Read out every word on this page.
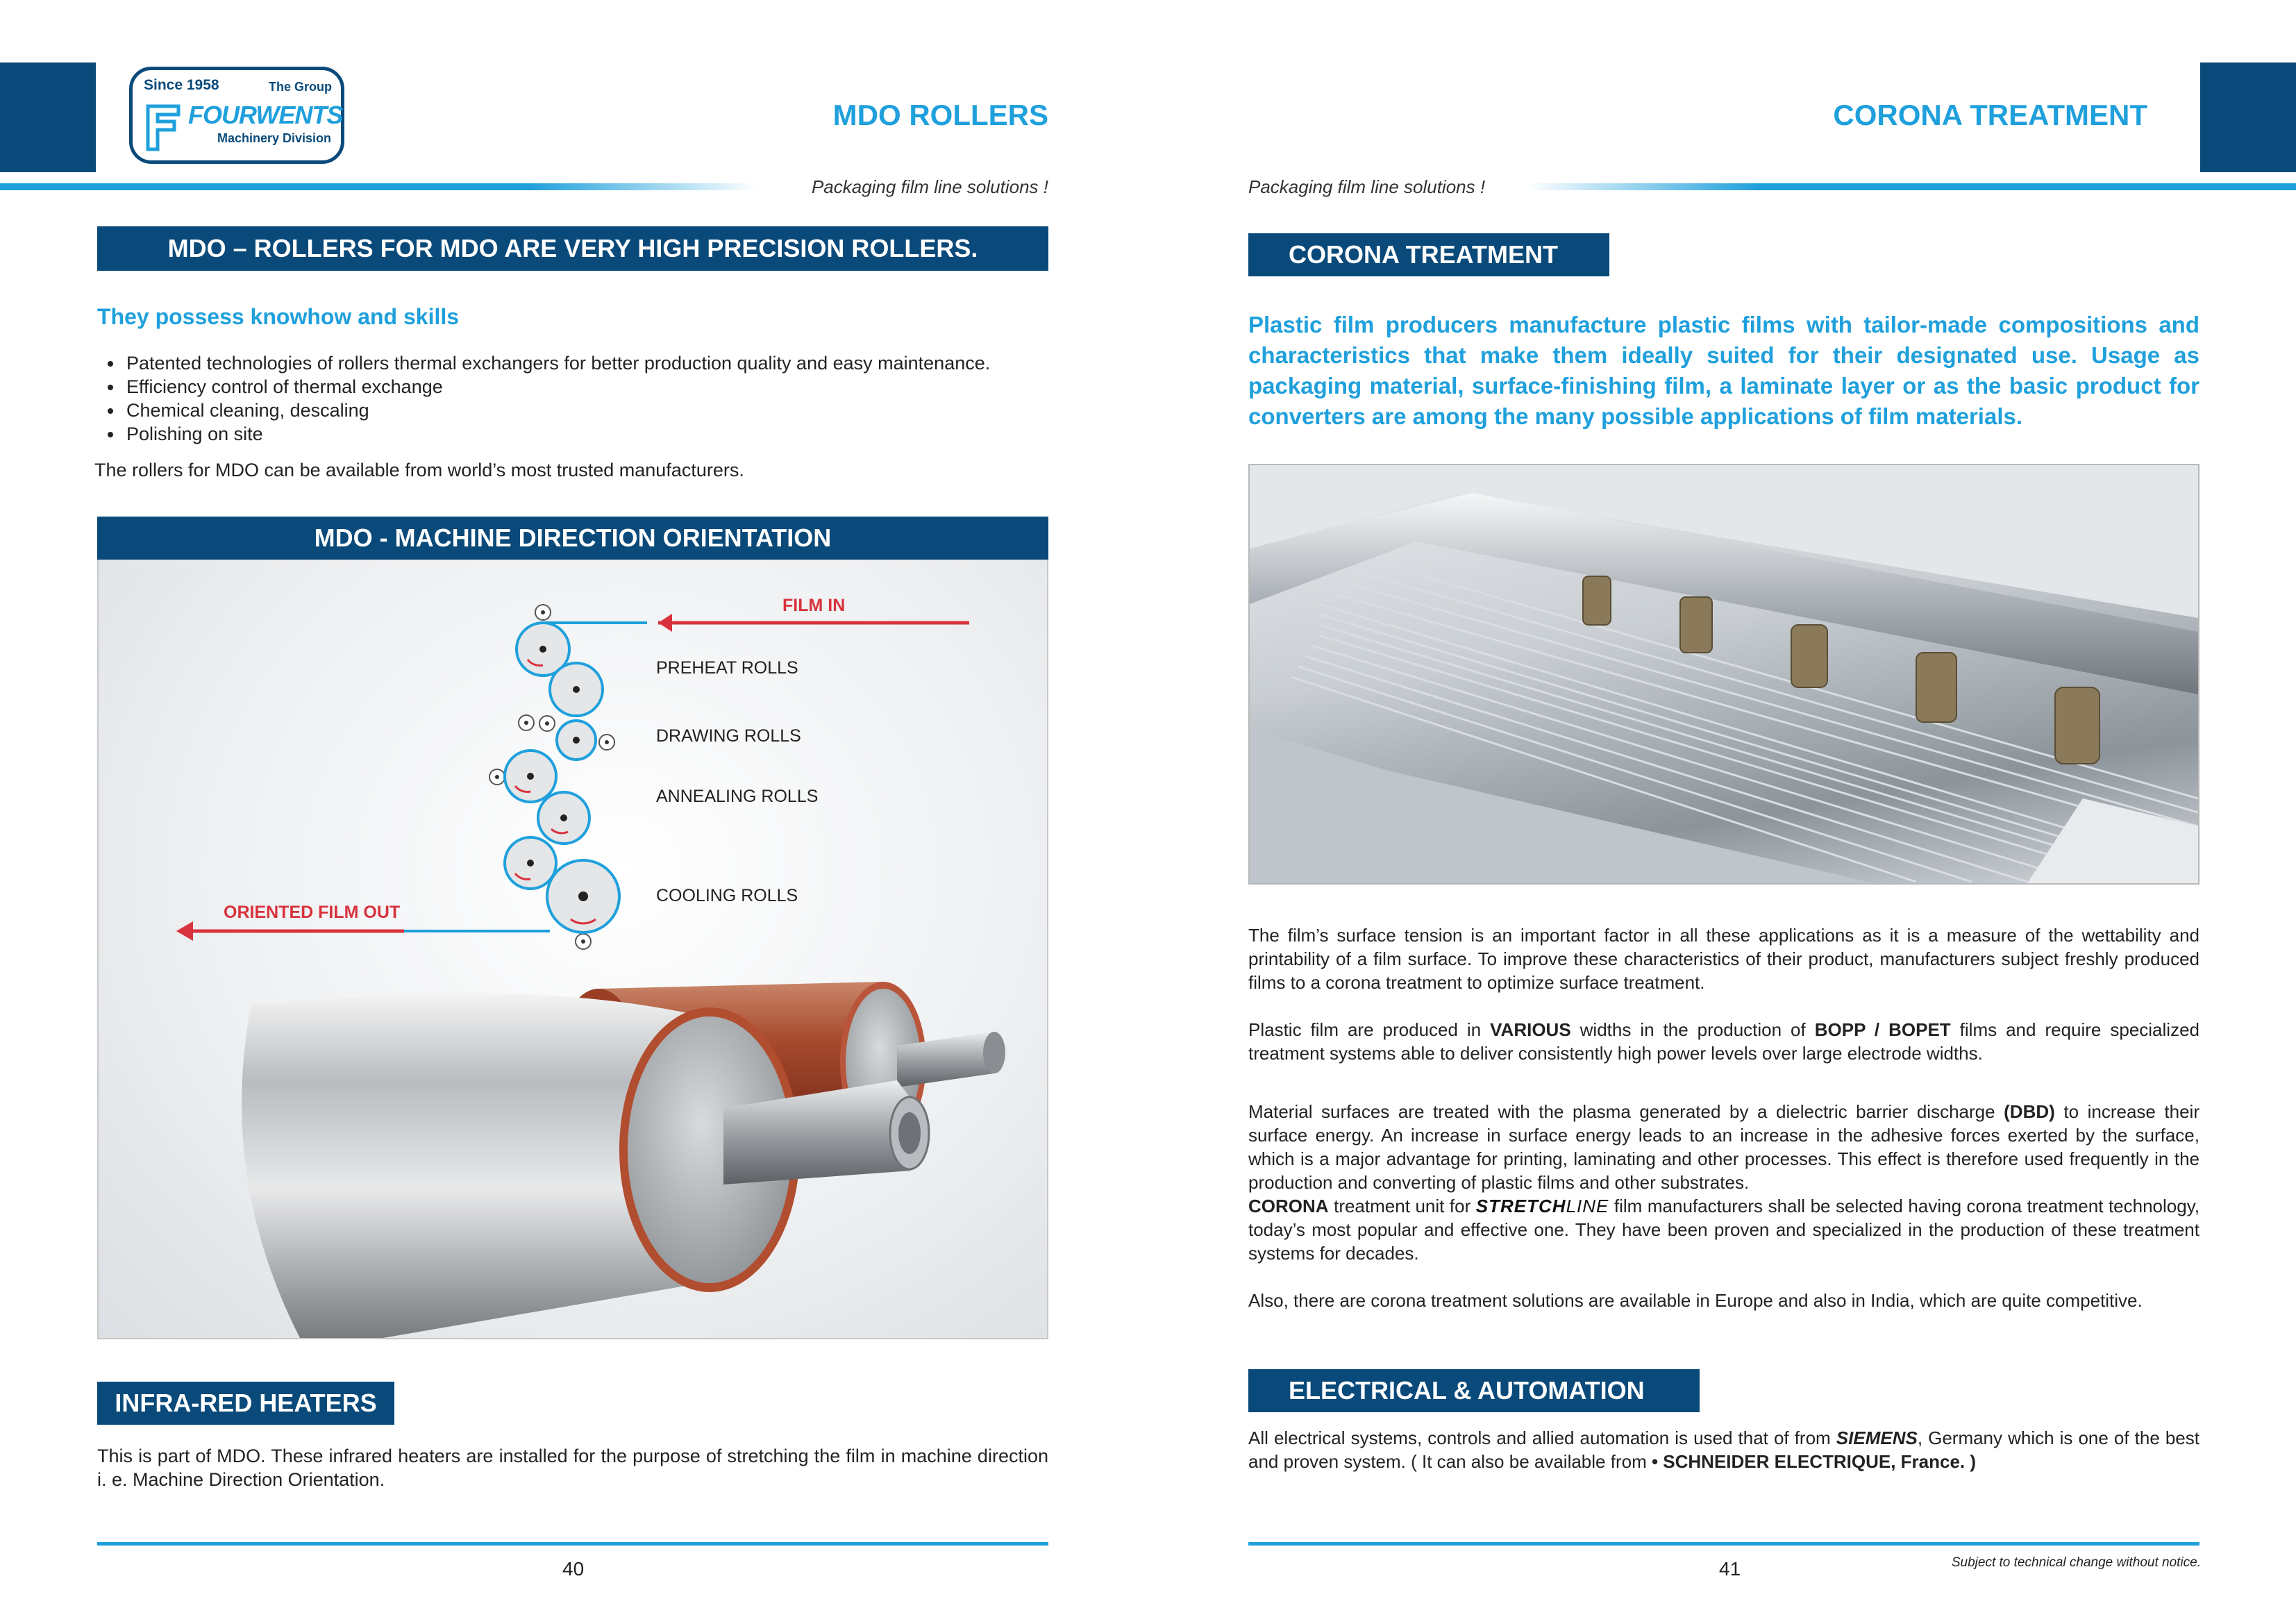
Since 1958	The Group
FOURWENTS
Machinery Division
MDO ROLLERS
Packaging film line solutions !
MDO – ROLLERS FOR MDO ARE VERY HIGH PRECISION ROLLERS.
They possess knowhow and skills
• Patented technologies of rollers thermal exchangers for better production quality and easy maintenance.
• Efficiency control of thermal exchange
• Chemical cleaning, descaling
• Polishing on site
The rollers for MDO can be available from world’s most trusted manufacturers.
MDO - MACHINE DIRECTION ORIENTATION
FILM IN
ORIENTED FILM OUT
PREHEAT ROLLS
DRAWING ROLLS
ANNEALING ROLLS
COOLING ROLLS
INFRA-RED HEATERS
This is part of MDO. These infrared heaters are installed for the purpose of stretching the film in machine direction i. e. Machine Direction Orientation.
40
CORONA TREATMENT
Packaging film line solutions !
CORONA TREATMENT
Plastic film producers manufacture plastic films with tailor-made compositions and characteristics that make them ideally suited for their designated use. Usage as packaging material, surface-finishing film, a laminate layer or as the basic product for converters are among the many possible applications of film materials.
The film’s surface tension is an important factor in all these applications as it is a measure of the wettability and printability of a film surface. To improve these characteristics of their product, manufacturers subject freshly produced films to a corona treatment to optimize surface treatment.
Plastic film are produced in VARIOUS widths in the production of BOPP / BOPET films and require specialized treatment systems able to deliver consistently high power levels over large electrode widths.
Material surfaces are treated with the plasma generated by a dielectric barrier discharge (DBD) to increase their surface energy. An increase in surface energy leads to an increase in the adhesive forces exerted by the surface, which is a major advantage for printing, laminating and other processes. This effect is therefore used frequently in the production and converting of plastic films and other substrates.
CORONA treatment unit for STRETCHLINE film manufacturers shall be selected having corona treatment technology, today’s most popular and effective one. They have been proven and specialized in the production of these treatment systems for decades.
Also, there are corona treatment solutions are available in Europe and also in India, which are quite competitive.
ELECTRICAL & AUTOMATION
All electrical systems, controls and allied automation is used that of from SIEMENS, Germany which is one of the best and proven system. ( It can also be available from • SCHNEIDER ELECTRIQUE, France. )
41	Subject to technical change without notice.
